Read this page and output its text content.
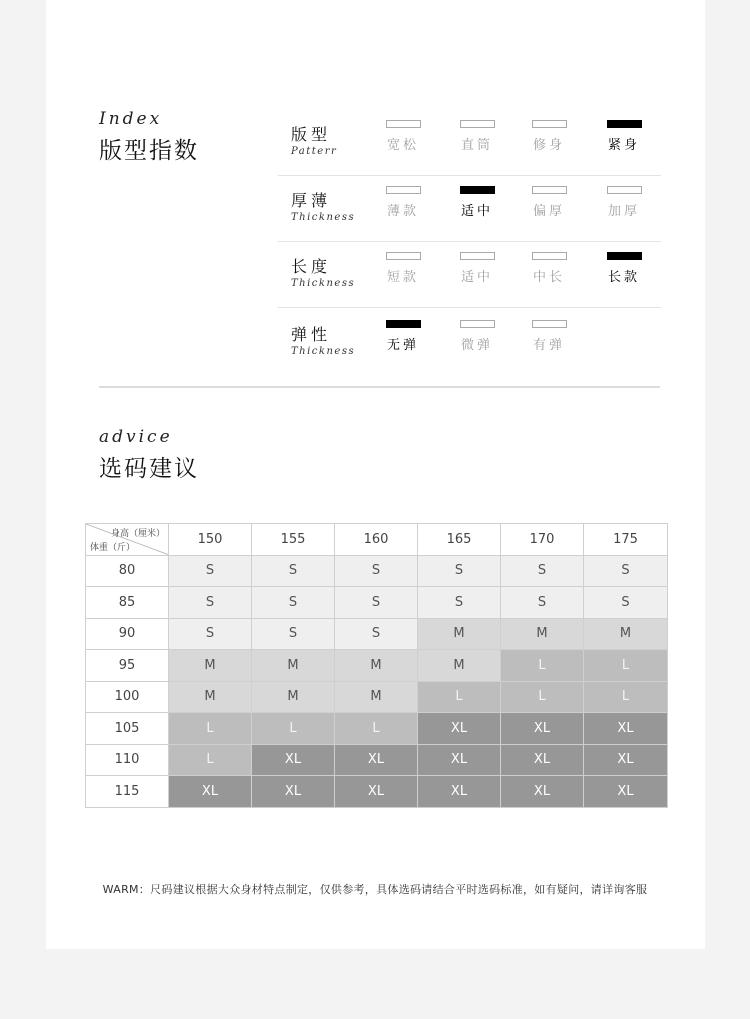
Index
版型指数
版型
Patterr	宽松	直筒	修身	紧身
厚薄
Thickness	薄款	适中	偏厚	加厚
长度
Thickness	短款	适中	中长	长款
弹性
Thickness	无弹	微弹	有弹
advice
选码建议
身高（厘米）
体重（斤）	150	155	160	165	170	175
80	S	S	S	S	S	S
85	S	S	S	S	S	S
90	S	S	S	M	M	M
95	M	M	M	M	L	L
100	M	M	M	L	L	L
105	L	L	L	XL	XL	XL
110	L	XL	XL	XL	XL	XL
115	XL	XL	XL	XL	XL	XL
WARM：尺码建议根据大众身材特点制定，仅供参考，具体选码请结合平时选码标准，如有疑问，请详询客服
